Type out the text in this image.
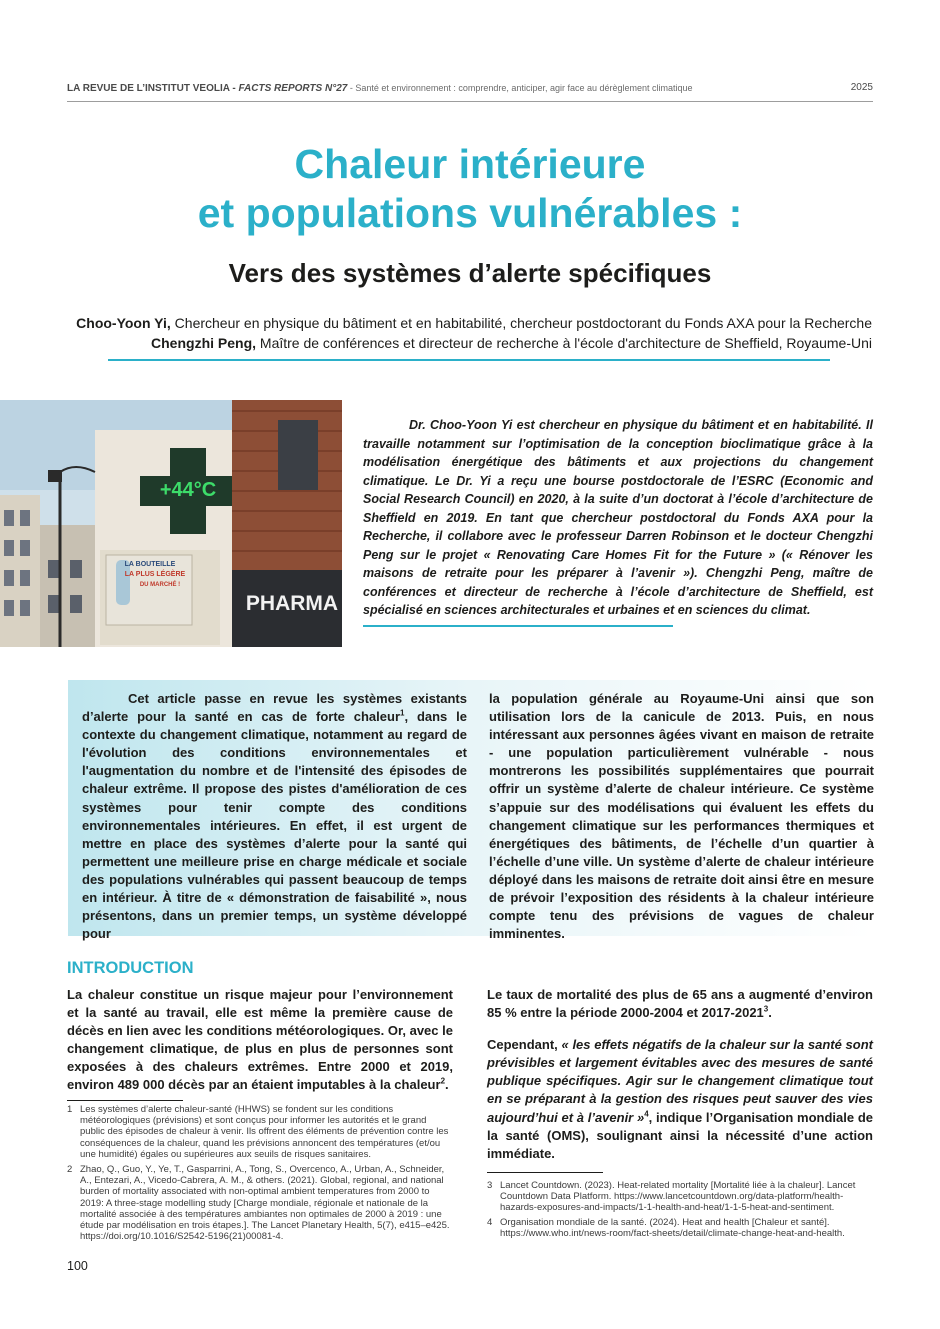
LA REVUE DE L’INSTITUT VEOLIA - FACTS REPORTS N°27 - Santé et environnement : comprendre, anticiper, agir face au dérèglement climatique	2025
Chaleur intérieure
et populations vulnérables :
Vers des systèmes d’alerte spécifiques
Choo-Yoon Yi, Chercheur en physique du bâtiment et en habitabilité, chercheur postdoctorant du Fonds AXA pour la Recherche
Chengzhi Peng, Maître de conférences et directeur de recherche à l'école d'architecture de Sheffield, Royaume-Uni
LA BOUTEILLE
LA PLUS LÉGÈRE
DU MARCHÉ !
+44°C
PHARMA

Dr. Choo-Yoon Yi est chercheur en physique du bâtiment et en habitabilité. Il travaille notamment sur l’optimisation de la conception bioclimatique grâce à la modélisation énergétique des bâtiments et aux projections du changement climatique. Le Dr. Yi a reçu une bourse postdoctorale de l’ESRC (Economic and Social Research Council) en 2020, à la suite d’un doctorat à l’école d’architecture de Sheffield en 2019. En tant que chercheur postdoctoral du Fonds AXA pour la Recherche, il collabore avec le professeur Darren Robinson et le docteur Chengzhi Peng sur le projet « Renovating Care Homes Fit for the Future » (« Rénover les maisons de retraite pour les préparer à l’avenir »). Chengzhi Peng, maître de conférences et directeur de recherche à l’école d’architecture de Sheffield, est spécialisé en sciences architecturales et urbaines et en sciences du climat.

Cet article passe en revue les systèmes existants d’alerte pour la santé en cas de forte chaleur$^1$, dans le contexte du changement climatique, notamment au regard de l'évolution des conditions environnementales et l'augmentation du nombre et de l'intensité des épisodes de chaleur extrême. Il propose des pistes d'amélioration de ces systèmes pour tenir compte des conditions environnementales intérieures. En effet, il est urgent de mettre en place des systèmes d’alerte pour la santé qui permettent une meilleure prise en charge médicale et sociale des populations vulnérables qui passent beaucoup de temps en intérieur. À titre de « démonstration de faisabilité », nous présentons, dans un premier temps, un système développé pour

la population générale au Royaume-Uni ainsi que son utilisation lors de la canicule de 2013. Puis, en nous intéressant aux personnes âgées vivant en maison de retraite - une population particulièrement vulnérable - nous montrerons les possibilités supplémentaires que pourrait offrir un système d’alerte de chaleur intérieure. Ce système s’appuie sur des modélisations qui évaluent les effets du changement climatique sur les performances thermiques et énergétiques des bâtiments, de l’échelle d’un quartier à l’échelle d’une ville. Un système d’alerte de chaleur intérieure déployé dans les maisons de retraite doit ainsi être en mesure de prévoir l’exposition des résidents à la chaleur intérieure compte tenu des prévisions de vagues de chaleur imminentes.

INTRODUCTION

La chaleur constitue un risque majeur pour l’environnement et la santé au travail, elle est même la première cause de décès en lien avec les conditions météorologiques. Or, avec le changement climatique, de plus en plus de personnes sont exposées à des chaleurs extrêmes. Entre 2000 et 2019, environ 489 000 décès par an étaient imputables à la chaleur$^2$.

Le taux de mortalité des plus de 65 ans a augmenté d’environ 85 % entre la période 2000-2004 et 2017-2021$^3$.

Cependant, « les effets négatifs de la chaleur sur la santé sont prévisibles et largement évitables avec des mesures de santé publique spécifiques. Agir sur le changement climatique tout en se préparant à la gestion des risques peut sauver des vies aujourd’hui et à l’avenir »$^4$, indique l’Organisation mondiale de la santé (OMS), soulignant ainsi la nécessité d’une action immédiate.

1 Les systèmes d’alerte chaleur-santé (HHWS) se fondent sur les conditions météorologiques (prévisions) et sont conçus pour informer les autorités et le grand public des épisodes de chaleur à venir. Ils offrent des éléments de prévention contre les conséquences de la chaleur, quand les prévisions annoncent des températures (et/ou une humidité) égales ou supérieures aux seuils de risques sanitaires.
2 Zhao, Q., Guo, Y., Ye, T., Gasparrini, A., Tong, S., Overcenco, A., Urban, A., Schneider, A., Entezari, A., Vicedo-Cabrera, A. M., & others. (2021). Global, regional, and national burden of mortality associated with non-optimal ambient temperatures from 2000 to 2019: A three-stage modelling study [Charge mondiale, régionale et nationale de la mortalité associée à des températures ambiantes non optimales de 2000 à 2019 : une étude par modélisation en trois étapes.]. The Lancet Planetary Health, 5(7), e415–e425. https://doi.org/10.1016/S2542-5196(21)00081-4.
3 Lancet Countdown. (2023). Heat-related mortality [Mortalité liée à la chaleur]. Lancet Countdown Data Platform. https://www.lancetcountdown.org/data-platform/health-hazards-exposures-and-impacts/1-1-health-and-heat/1-1-5-heat-and-sentiment.
4 Organisation mondiale de la santé. (2024). Heat and health [Chaleur et santé]. https://www.who.int/news-room/fact-sheets/detail/climate-change-heat-and-health.
100
